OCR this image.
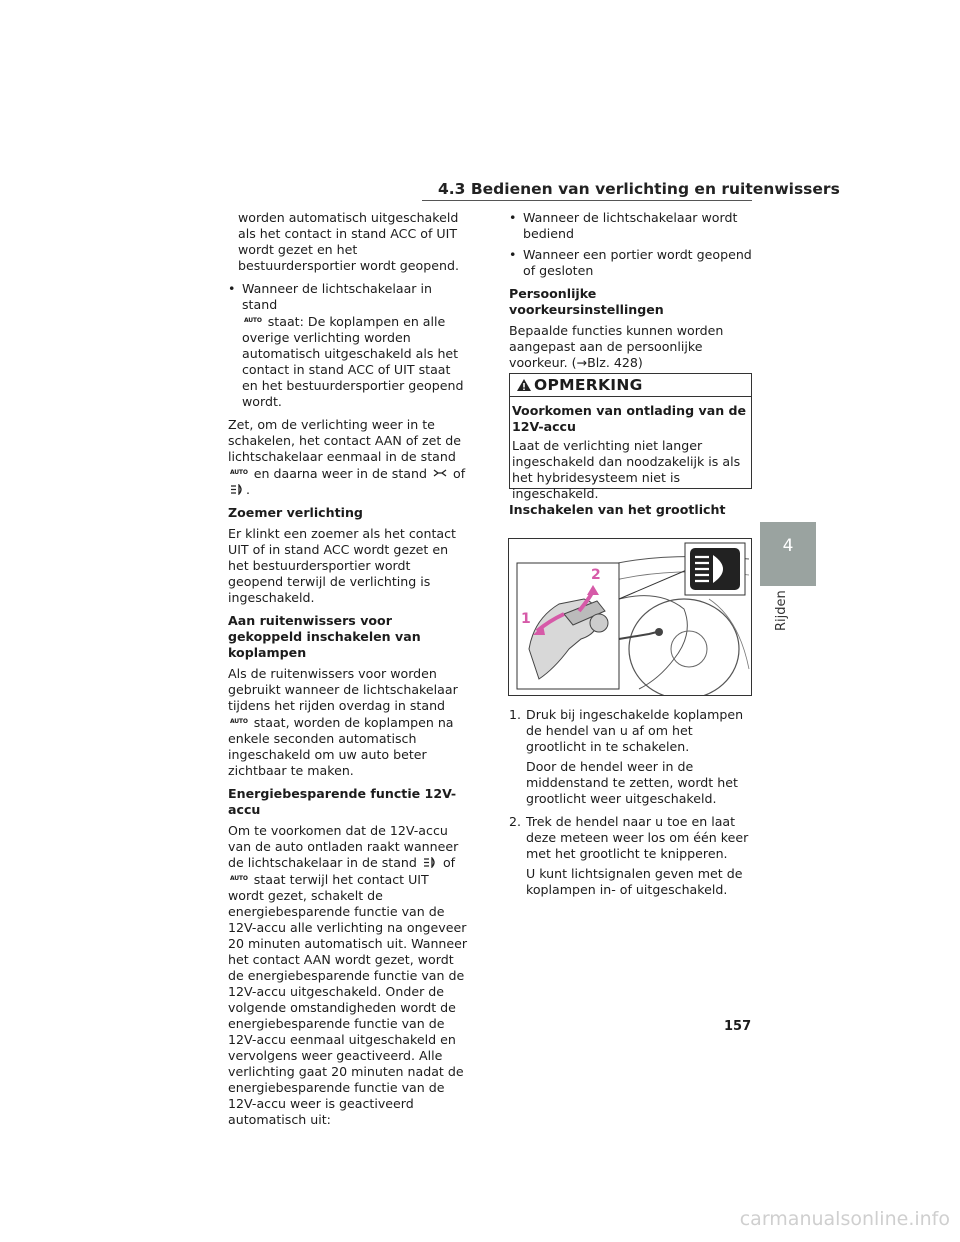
4.3 Bedienen van verlichting en ruitenwissers
4
Rijden

worden automatisch uitgeschakeld als het contact in stand ACC of UIT wordt gezet en het bestuurdersportier wordt geopend.

• Wanneer de lichtschakelaar in stand
AUTO staat: De koplampen en alle overige verlichting worden automatisch uitgeschakeld als het contact in stand ACC of UIT staat en het bestuurdersportier geopend wordt.

Zet, om de verlichting weer in te schakelen, het contact AAN of zet de lichtschakelaar eenmaal in de stand AUTO en daarna weer in de stand of .

Zoemer verlichting

Er klinkt een zoemer als het contact UIT of in stand ACC wordt gezet en het bestuurdersportier wordt geopend terwijl de verlichting is ingeschakeld.

Aan ruitenwissers voor gekoppeld inschakelen van koplampen

Als de ruitenwissers voor worden gebruikt wanneer de lichtschakelaar tijdens het rijden overdag in stand AUTO staat, worden de koplampen na enkele seconden automatisch ingeschakeld om uw auto beter zichtbaar te maken.

Energiebesparende functie 12V-accu

Om te voorkomen dat de 12V-accu van de auto ontladen raakt wanneer de lichtschakelaar in de stand of AUTO staat terwijl het contact UIT wordt gezet, schakelt de energiebesparende functie van de 12V-accu alle verlichting na ongeveer 20 minuten automatisch uit. Wanneer het contact AAN wordt gezet, wordt de energiebesparende functie van de 12V-accu uitgeschakeld. Onder de volgende omstandigheden wordt de energiebesparende functie van de 12V-accu eenmaal uitgeschakeld en vervolgens weer geactiveerd. Alle verlichting gaat 20 minuten nadat de energiebesparende functie van de 12V-accu weer is geactiveerd automatisch uit:

• Wanneer de lichtschakelaar wordt bediend
• Wanneer een portier wordt geopend of gesloten

Persoonlijke voorkeursinstellingen

Bepaalde functies kunnen worden aangepast aan de persoonlijke voorkeur. (→Blz. 428)

OPMERKING
Voorkomen van ontlading van de 12V-accu
Laat de verlichting niet langer ingeschakeld dan noodzakelijk is als het hybridesysteem niet is ingeschakeld.

Inschakelen van het grootlicht

1
2
1. Druk bij ingeschakelde koplampen de hendel van u af om het grootlicht in te schakelen.

Door de hendel weer in de middenstand te zetten, wordt het grootlicht weer uitgeschakeld.

2. Trek de hendel naar u toe en laat deze meteen weer los om één keer met het grootlicht te knipperen.

U kunt lichtsignalen geven met de koplampen in- of uitgeschakeld.

157
carmanualsonline.info
